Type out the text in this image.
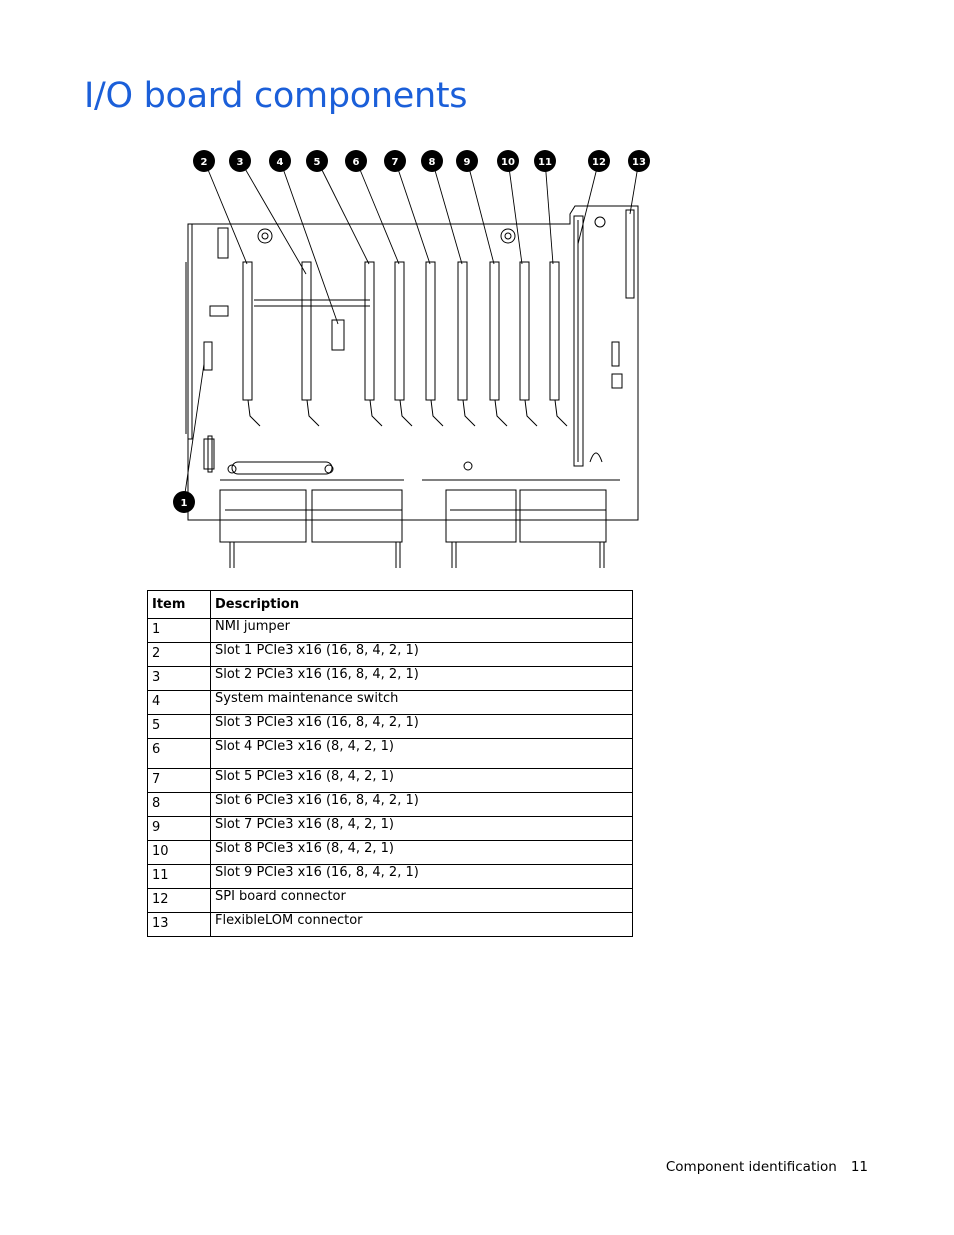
I/O board components
2	3	4	5	6	7	8	9	10 11	12	13
1
Item	Description
1	NMI jumper
2	Slot 1 PCIe3 x16 (16, 8, 4, 2, 1)
3	Slot 2 PCIe3 x16 (16, 8, 4, 2, 1)
4	System maintenance switch
5	Slot 3 PCIe3 x16 (16, 8, 4, 2, 1)
6	Slot 4 PCIe3 x16 (8, 4, 2, 1)
7	Slot 5 PCIe3 x16 (8, 4, 2, 1)
8	Slot 6 PCIe3 x16 (16, 8, 4, 2, 1)
9	Slot 7 PCIe3 x16 (8, 4, 2, 1)
10	Slot 8 PCIe3 x16 (8, 4, 2, 1)
11	Slot 9 PCIe3 x16 (16, 8, 4, 2, 1)
12	SPI board connector
13	FlexibleLOM connector
Component identification 11
